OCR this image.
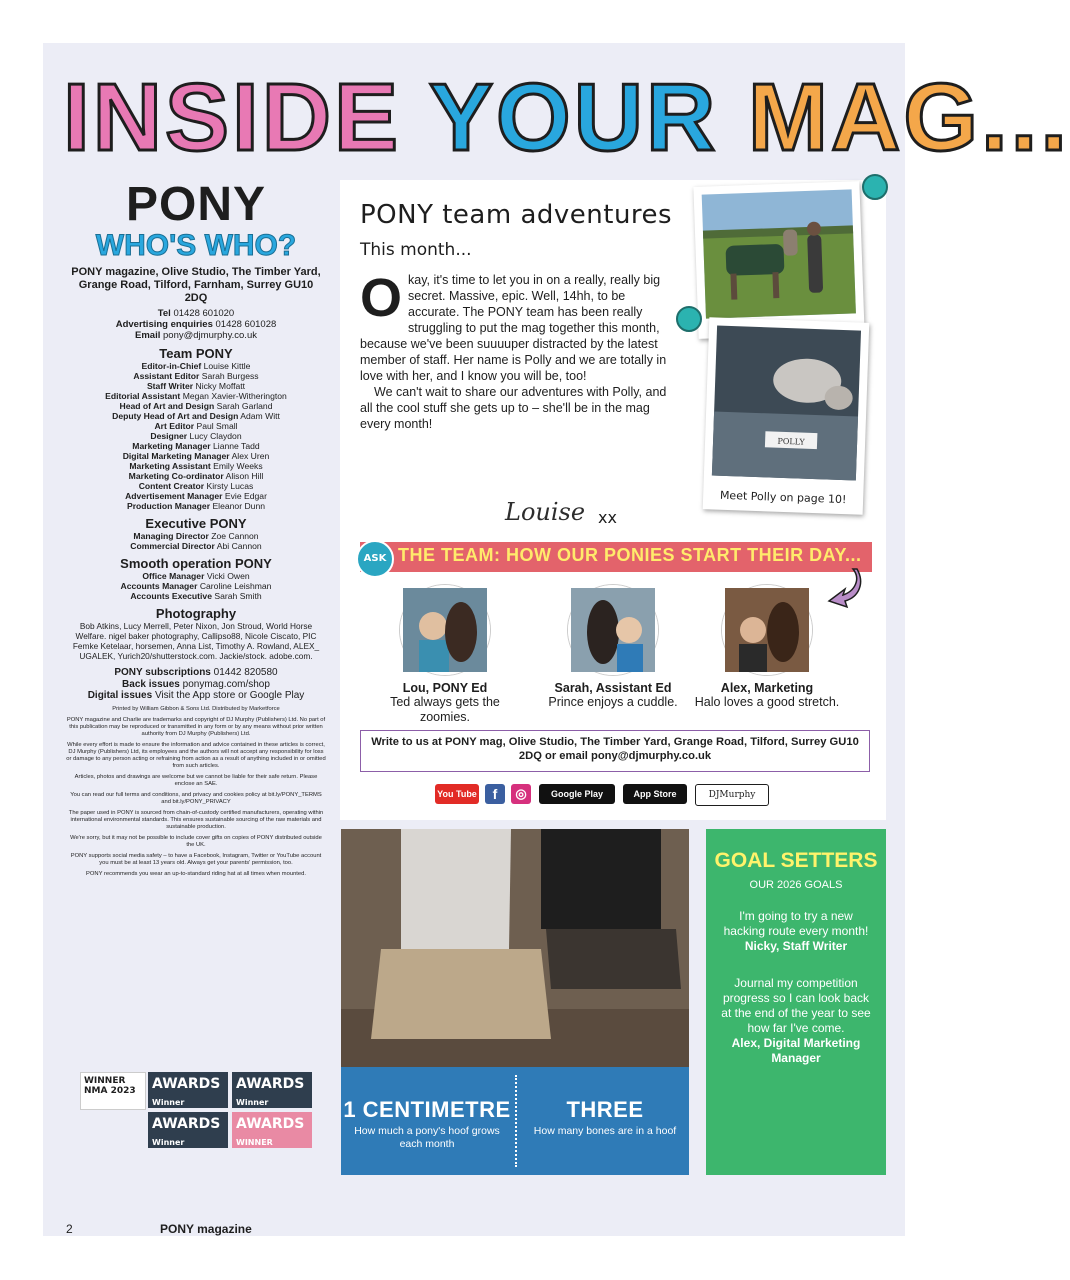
INSIDE YOUR MAG...
PONY
WHO'S WHO?
PONY magazine, Olive Studio, The Timber Yard, Grange Road, Tilford, Farnham, Surrey GU10 2DQ
Tel 01428 601020
Advertising enquiries 01428 601028
Email pony@djmurphy.co.uk
Team PONY
Editor-in-Chief Louise Kittle
Assistant Editor Sarah Burgess
Staff Writer Nicky Moffatt
Editorial Assistant Megan Xavier-Witherington
Head of Art and Design Sarah Garland
Deputy Head of Art and Design Adam Witt
Art Editor Paul Small
Designer Lucy Claydon
Marketing Manager Lianne Tadd
Digital Marketing Manager Alex Uren
Marketing Assistant Emily Weeks
Marketing Co-ordinator Alison Hill
Content Creator Kirsty Lucas
Advertisement Manager Evie Edgar
Production Manager Eleanor Dunn
Executive PONY
Managing Director Zoe Cannon
Commercial Director Abi Cannon
Smooth operation PONY
Office Manager Vicki Owen
Accounts Manager Caroline Leishman
Accounts Executive Sarah Smith
Photography
Bob Atkins, Lucy Merrell, Peter Nixon, Jon Stroud, World Horse Welfare. nigel baker photography, Callipso88, Nicole Ciscato, PIC Femke Ketelaar, horsemen, Anna List, Timothy A. Rowland, ALEX_ UGALEK, Yurich20/shutterstock.com. Jackie/stock. adobe.com.
PONY subscriptions 01442 820580
Back issues ponymag.com/shop
Digital issues Visit the App store or Google Play
Printed by William Gibbon & Sons Ltd. Distributed by Marketforce
PONY magazine and Charlie are trademarks and copyright of DJ Murphy (Publishers) Ltd. No part of this publication may be reproduced or transmitted in any form or by any means without prior written authority from DJ Murphy (Publishers) Ltd.
While every effort is made to ensure the information and advice contained in these articles is correct, DJ Murphy (Publishers) Ltd, its employees and the authors will not accept any responsibility for loss or damage to any person acting or refraining from action as a result of anything included in or omitted from such articles.
Articles, photos and drawings are welcome but we cannot be liable for their safe return. Please enclose an SAE.
You can read our full terms and conditions, and privacy and cookies policy at bit.ly/PONY_TERMS and bit.ly/PONY_PRIVACY
The paper used in PONY is sourced from chain-of-custody certified manufacturers, operating within international environmental standards. This ensures sustainable sourcing of the raw materials and sustainable production.
We're sorry, but it may not be possible to include cover gifts on copies of PONY distributed outside the UK.
PONY supports social media safety – to have a Facebook, Instagram, Twitter or YouTube account you must be at least 13 years old. Always get your parents' permission, too.
PONY recommends you wear an up-to-standard riding hat at all times when mounted.
WINNER NMA 2023	AWARDS
Winner
AWARDS
Winner
AWARDS
Winner
AWARDS
WINNER
2	PONY magazine
PONY team adventures
This month...

Okay, it's time to let you in on a really, really big secret. Massive, epic. Well, 14hh, to be accurate. The PONY team has been really struggling to put the mag together this month, because we've been suuuuper distracted by the latest member of staff. Her name is Polly and we are totally in love with her, and I know you will be, too!

We can't wait to share our adventures with Polly, and all the cool stuff she gets up to – she'll be in the mag every month!

Louise xx
POLLY
Meet Polly on page 10!
ASK THE TEAM: HOW OUR PONIES START THEIR DAY...
Lou, PONY Ed
Ted always gets the zoomies.
Sarah, Assistant Ed
Prince enjoys a cuddle.
Alex, Marketing
Halo loves a good stretch.
Write to us at PONY mag, Olive Studio, The Timber Yard, Grange Road, Tilford, Surrey GU10 2DQ or email pony@djmurphy.co.uk
You Tube	f	◎	Google Play	App Store	DJMurphy
1 CENTIMETRE
How much a pony's hoof grows each month
THREE
How many bones are in a hoof
GOAL SETTERS
OUR 2026 GOALS
I'm going to try a new hacking route every month!
Nicky, Staff Writer
Journal my competition progress so I can look back at the end of the year to see how far I've come.
Alex, Digital Marketing Manager
